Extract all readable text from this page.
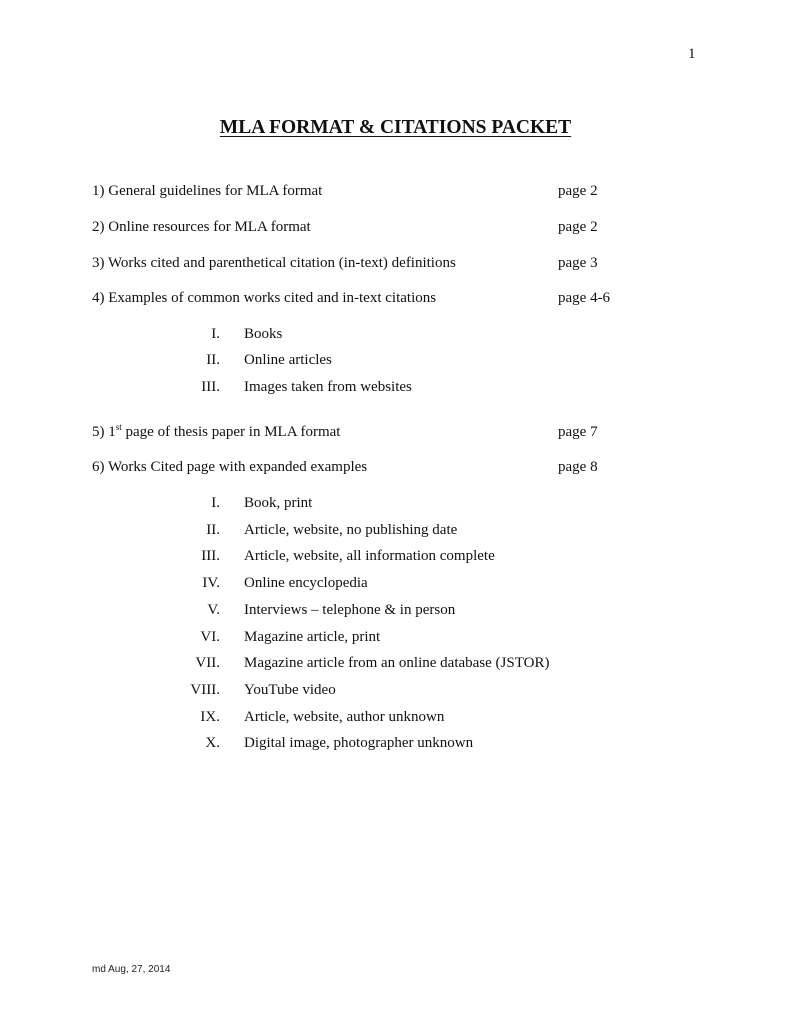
1
MLA FORMAT & CITATIONS PACKET
1) General guidelines for MLA format	page 2
2) Online resources for MLA format	page 2
3) Works cited and parenthetical citation (in-text) definitions	page 3
4) Examples of common works cited and in-text citations	page 4-6
I. Books
II. Online articles
III. Images taken from websites
5) 1st page of thesis paper in MLA format	page 7
6) Works Cited page with expanded examples	page 8
I. Book, print
II. Article, website, no publishing date
III. Article, website, all information complete
IV. Online encyclopedia
V. Interviews – telephone & in person
VI. Magazine article, print
VII. Magazine article from an online database (JSTOR)
VIII. YouTube video
IX. Article, website, author unknown
X. Digital image, photographer unknown
md Aug, 27, 2014
